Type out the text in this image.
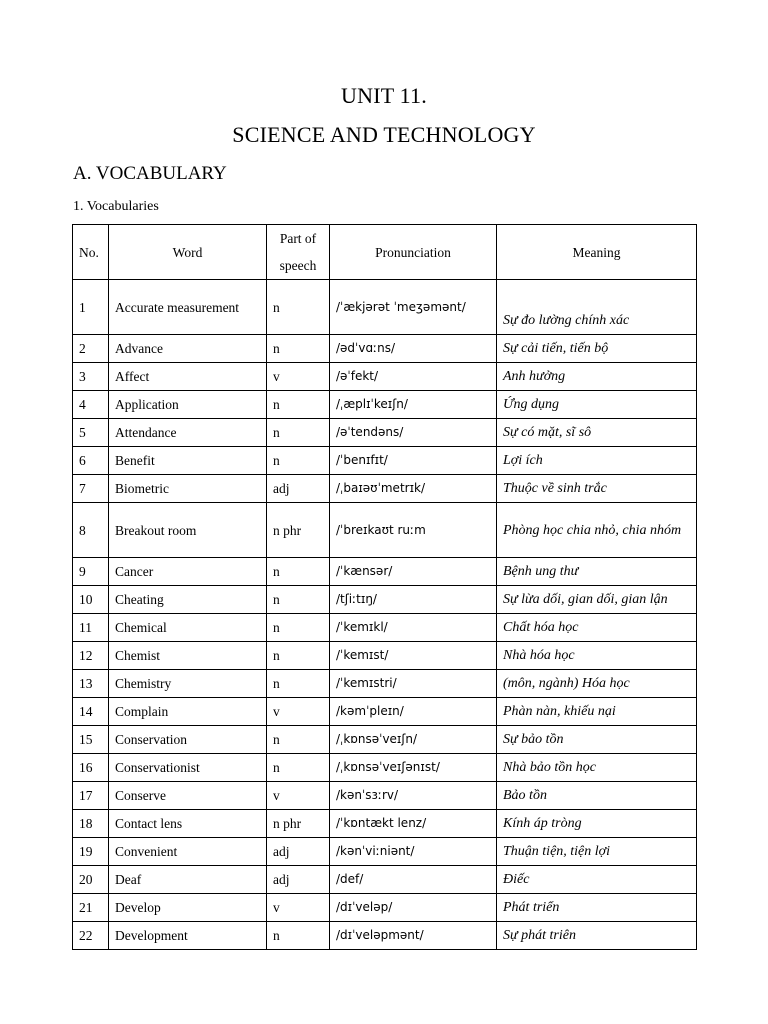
UNIT 11.
SCIENCE AND TECHNOLOGY
A. VOCABULARY
1. Vocabularies
No.	Word	Part of speech	Pronunciation	Meaning
1	Accurate measurement	n	/ˈækjərət ˈmeʒəmənt/	Sự đo lường chính xác
2	Advance	n	/ədˈvɑːns/	Sự cải tiến, tiến bộ
3	Affect	v	/əˈfekt/	Anh hưởng
4	Application	n	/ˌæplɪˈkeɪʃn/	Ứng dụng
5	Attendance	n	/əˈtendəns/	Sự có mặt, sĩ sô
6	Benefit	n	/ˈbenɪfɪt/	Lợi ích
7	Biometric	adj	/ˌbaɪəʊˈmetrɪk/	Thuộc về sinh trắc
8	Breakout room	n phr	/ˈbreɪkaʊt ruːm	Phòng học chia nhỏ, chia nhóm
9	Cancer	n	/ˈkænsər/	Bệnh ung thư
10	Cheating	n	/tʃiːtɪŋ/	Sự lừa dối, gian dối, gian lận
11	Chemical	n	/ˈkemɪkl/	Chất hóa học
12	Chemist	n	/ˈkemɪst/	Nhà hóa học
13	Chemistry	n	/ˈkemɪstri/	(môn, ngành) Hóa học
14	Complain	v	/kəmˈpleɪn/	Phàn nàn, khiếu nại
15	Conservation	n	/ˌkɒnsəˈveɪʃn/	Sự bảo tồn
16	Conservationist	n	/ˌkɒnsəˈveɪʃənɪst/	Nhà bảo tồn học
17	Conserve	v	/kənˈsɜːrv/	Bảo tồn
18	Contact lens	n phr	/ˈkɒntækt lenz/	Kính áp tròng
19	Convenient	adj	/kənˈviːniənt/	Thuận tiện, tiện lợi
20	Deaf	adj	/def/	Điếc
21	Develop	v	/dɪˈveləp/	Phát triển
22	Development	n	/dɪˈveləpmənt/	Sự phát triên
